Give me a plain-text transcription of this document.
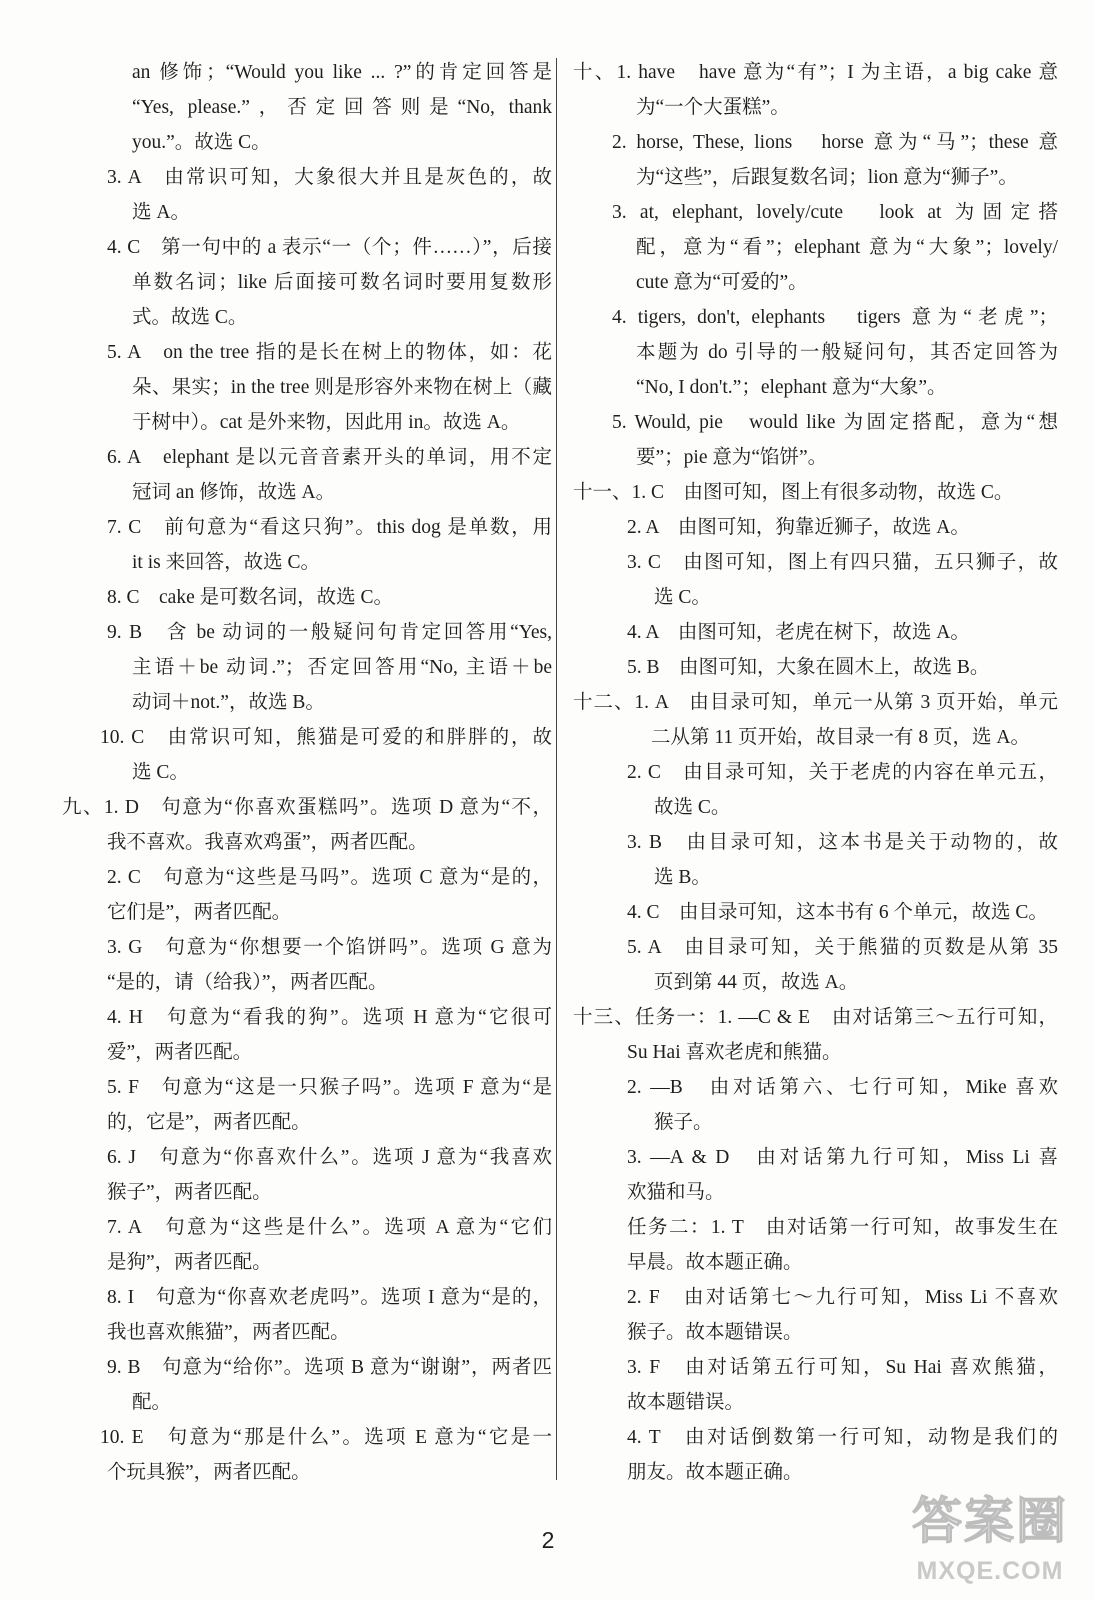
an 修饰；“Would you like ... ?”的肯定回答是
“Yes, please.”，否定回答则是“No, thank
you.”。故选 C。
3. A　由常识可知，大象很大并且是灰色的，故
选 A。
4. C　第一句中的 a 表示“一（个；件……）”，后接
单数名词；like 后面接可数名词时要用复数形
式。故选 C。
5. A　on the tree 指的是长在树上的物体，如：花
朵、果实；in the tree 则是形容外来物在树上（藏
于树中）。cat 是外来物，因此用 in。故选 A。
6. A　elephant 是以元音音素开头的单词，用不定
冠词 an 修饰，故选 A。
7. C　前句意为“看这只狗”。this dog 是单数，用
it is 来回答，故选 C。
8. C　cake 是可数名词，故选 C。
9. B　含 be 动词的一般疑问句肯定回答用“Yes,
主语＋be 动词.”；否定回答用“No, 主语＋be
动词＋not.”，故选 B。
10. C　由常识可知，熊猫是可爱的和胖胖的，故
选 C。
九、1. D　句意为“你喜欢蛋糕吗”。选项 D 意为“不，
我不喜欢。我喜欢鸡蛋”，两者匹配。
2. C　句意为“这些是马吗”。选项 C 意为“是的，
它们是”，两者匹配。
3. G　句意为“你想要一个馅饼吗”。选项 G 意为
“是的，请（给我）”，两者匹配。
4. H　句意为“看我的狗”。选项 H 意为“它很可
爱”，两者匹配。
5. F　句意为“这是一只猴子吗”。选项 F 意为“是
的，它是”，两者匹配。
6. J　句意为“你喜欢什么”。选项 J 意为“我喜欢
猴子”，两者匹配。
7. A　句意为“这些是什么”。选项 A 意为“它们
是狗”，两者匹配。
8. I　句意为“你喜欢老虎吗”。选项 I 意为“是的，
我也喜欢熊猫”，两者匹配。
9. B　句意为“给你”。选项 B 意为“谢谢”，两者匹
配。
10. E　句意为“那是什么”。选项 E 意为“它是一
个玩具猴”，两者匹配。
十、1. have　have 意为“有”；I 为主语，a big cake 意
为“一个大蛋糕”。
2. horse, These, lions　horse 意为“马”；these 意
为“这些”，后跟复数名词；lion 意为“狮子”。
3. at, elephant, lovely/cute　look at 为固定搭
配，意为“看”；elephant 意为“大象”；lovely/
cute 意为“可爱的”。
4. tigers, don't, elephants　tigers 意为“老虎”；
本题为 do 引导的一般疑问句，其否定回答为
“No, I don't.”；elephant 意为“大象”。
5. Would, pie　would like 为固定搭配，意为“想
要”；pie 意为“馅饼”。
十一、1. C　由图可知，图上有很多动物，故选 C。
2. A　由图可知，狗靠近狮子，故选 A。
3. C　由图可知，图上有四只猫，五只狮子，故
选 C。
4. A　由图可知，老虎在树下，故选 A。
5. B　由图可知，大象在圆木上，故选 B。
十二、1. A　由目录可知，单元一从第 3 页开始，单元
二从第 11 页开始，故目录一有 8 页，选 A。
2. C　由目录可知，关于老虎的内容在单元五，
故选 C。
3. B　由目录可知，这本书是关于动物的，故
选 B。
4. C　由目录可知，这本书有 6 个单元，故选 C。
5. A　由目录可知，关于熊猫的页数是从第 35
页到第 44 页，故选 A。
十三、任务一：1. —C & E　由对话第三～五行可知，
Su Hai 喜欢老虎和熊猫。
2. —B　由对话第六、七行可知，Mike 喜欢
猴子。
3. —A & D　由对话第九行可知，Miss Li 喜
欢猫和马。
任务二：1. T　由对话第一行可知，故事发生在
早晨。故本题正确。
2. F　由对话第七～九行可知，Miss Li 不喜欢
猴子。故本题错误。
3. F　由对话第五行可知，Su Hai 喜欢熊猫，
故本题错误。
4. T　由对话倒数第一行可知，动物是我们的
朋友。故本题正确。
2	答案圈
MXQE.COM
